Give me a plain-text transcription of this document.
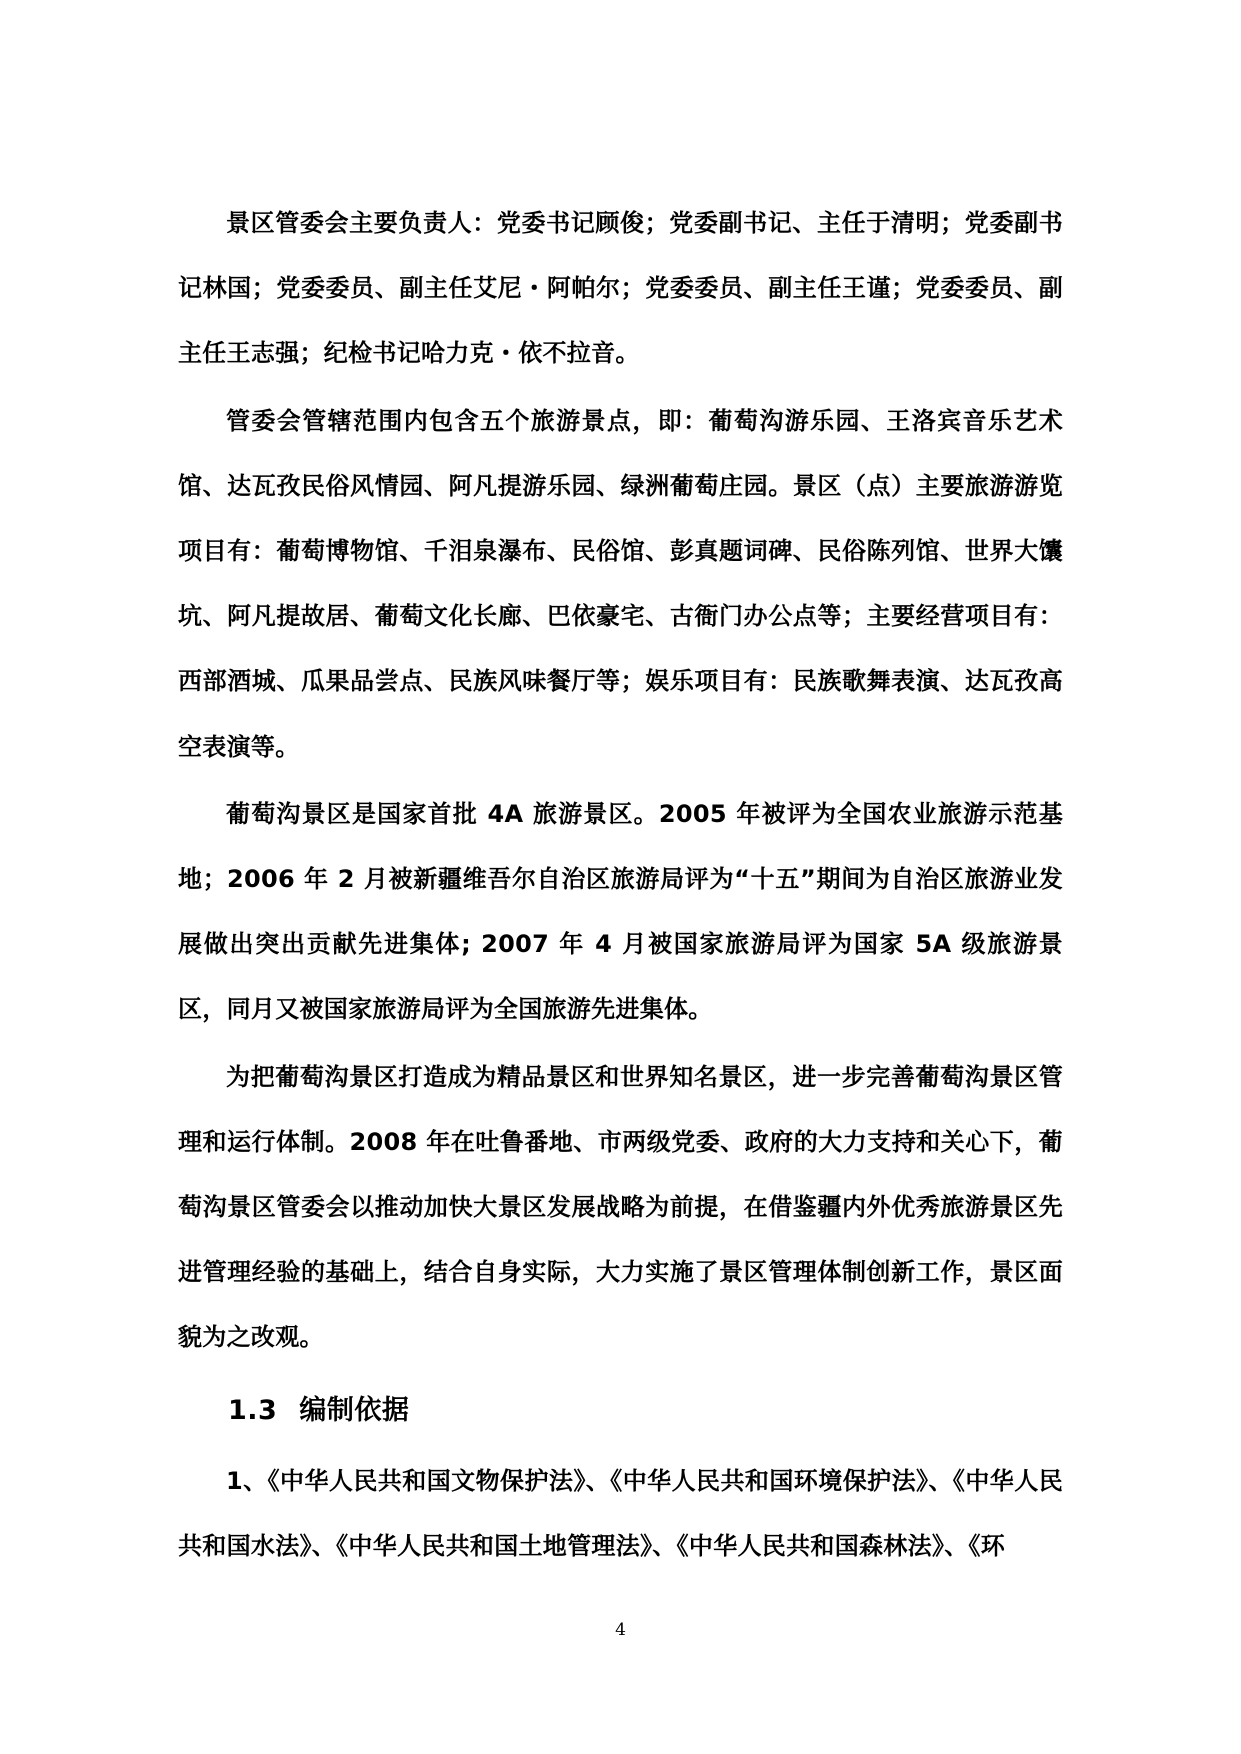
景区管委会主要负责人：党委书记顾俊；党委副书记、主任于清明；党委副书记林国；党委委员、副主任艾尼・阿帕尔；党委委员、副主任王谨；党委委员、副主任王志强；纪检书记哈力克・依不拉音。

管委会管辖范围内包含五个旅游景点，即：葡萄沟游乐园、王洛宾音乐艺术馆、达瓦孜民俗风情园、阿凡提游乐园、绿洲葡萄庄园。景区（点）主要旅游游览项目有：葡萄博物馆、千泪泉瀑布、民俗馆、彭真题词碑、民俗陈列馆、世界大馕坑、阿凡提故居、葡萄文化长廊、巴依豪宅、古衙门办公点等；主要经营项目有：西部酒城、瓜果品尝点、民族风味餐厅等；娱乐项目有：民族歌舞表演、达瓦孜高空表演等。

葡萄沟景区是国家首批 4A 旅游景区。2005 年被评为全国农业旅游示范基地；2006 年 2 月被新疆维吾尔自治区旅游局评为“十五”期间为自治区旅游业发展做出突出贡献先进集体; 2007 年 4 月被国家旅游局评为国家 5A 级旅游景区，同月又被国家旅游局评为全国旅游先进集体。

为把葡萄沟景区打造成为精品景区和世界知名景区，进一步完善葡萄沟景区管理和运行体制。2008 年在吐鲁番地、市两级党委、政府的大力支持和关心下，葡萄沟景区管委会以推动加快大景区发展战略为前提，在借鉴疆内外优秀旅游景区先进管理经验的基础上，结合自身实际，大力实施了景区管理体制创新工作，景区面貌为之改观。

1.3 编制依据

1、《中华人民共和国文物保护法》、《中华人民共和国环境保护法》、《中华人民共和国水法》、《中华人民共和国土地管理法》、《中华人民共和国森林法》、《环

4
